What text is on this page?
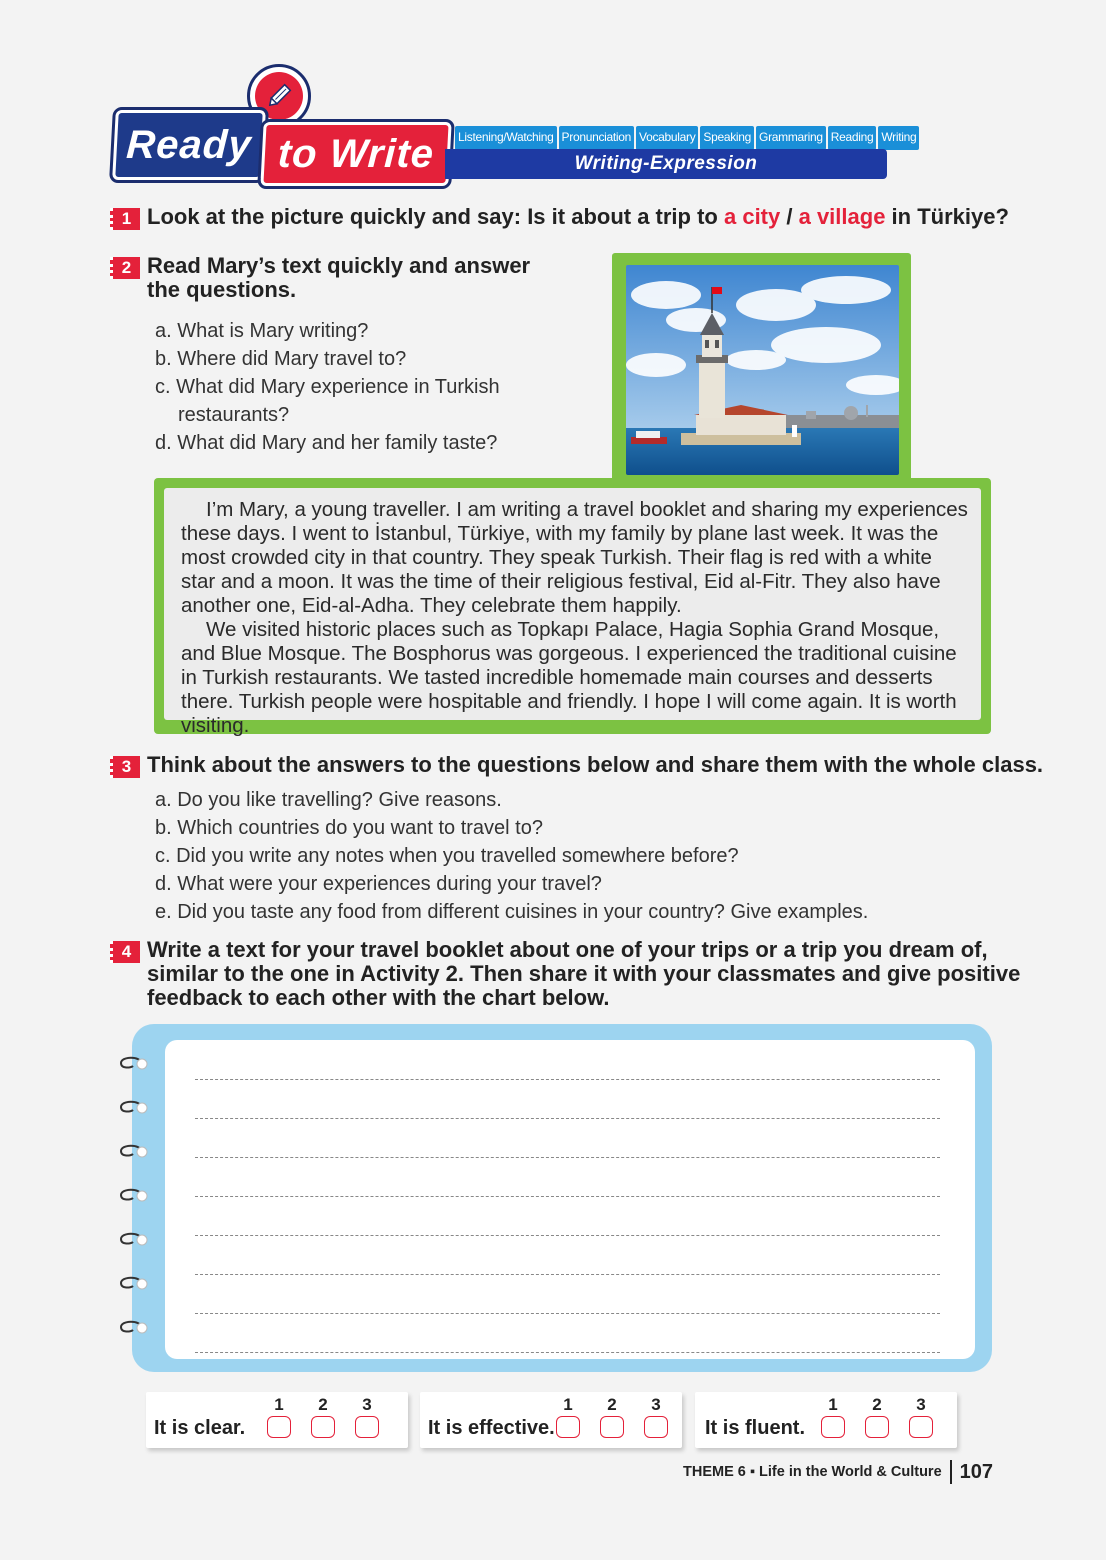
Ready to Write Listening/Watching Pronunciation Vocabulary Speaking Grammaring Reading Writing
Writing-Expression
1 Look at the picture quickly and say: Is it about a trip to a city / a village in Türkiye?
2 Read Mary’s text quickly and answer
the questions.
a. What is Mary writing?
b. Where did Mary travel to?
c. What did Mary experience in Turkish
restaurants?
d. What did Mary and her family taste?

I’m Mary, a young traveller. I am writing a travel booklet and sharing my experiences these days. I went to İstanbul, Türkiye, with my family by plane last week. It was the most crowded city in that country. They speak Turkish. Their flag is red with a white star and a moon. It was the time of their religious festival, Eid al-Fitr. They also have another one, Eid-al-Adha. They celebrate them happily.

We visited historic places such as Topkapı Palace, Hagia Sophia Grand Mosque, and Blue Mosque. The Bosphorus was gorgeous. I experienced the traditional cuisine in Turkish restaurants. We tasted incredible homemade main courses and desserts there. Turkish people were hospitable and friendly. I hope I will come again. It is worth visiting.

3 Think about the answers to the questions below and share them with the whole class.
a. Do you like travelling? Give reasons.
b. Which countries do you want to travel to?
c. Did you write any notes when you travelled somewhere before?
d. What were your experiences during your travel?
e. Did you taste any food from different cuisines in your country? Give examples.
4 Write a text for your travel booklet about one of your trips or a trip you dream of,
similar to the one in Activity 2. Then share it with your classmates and give positive
feedback to each other with the chart below.
It is clear.
1	2	3
It is effective.
1	2	3
It is fluent.
1	2	3
THEME 6 ▪ Life in the World & Culture 107
